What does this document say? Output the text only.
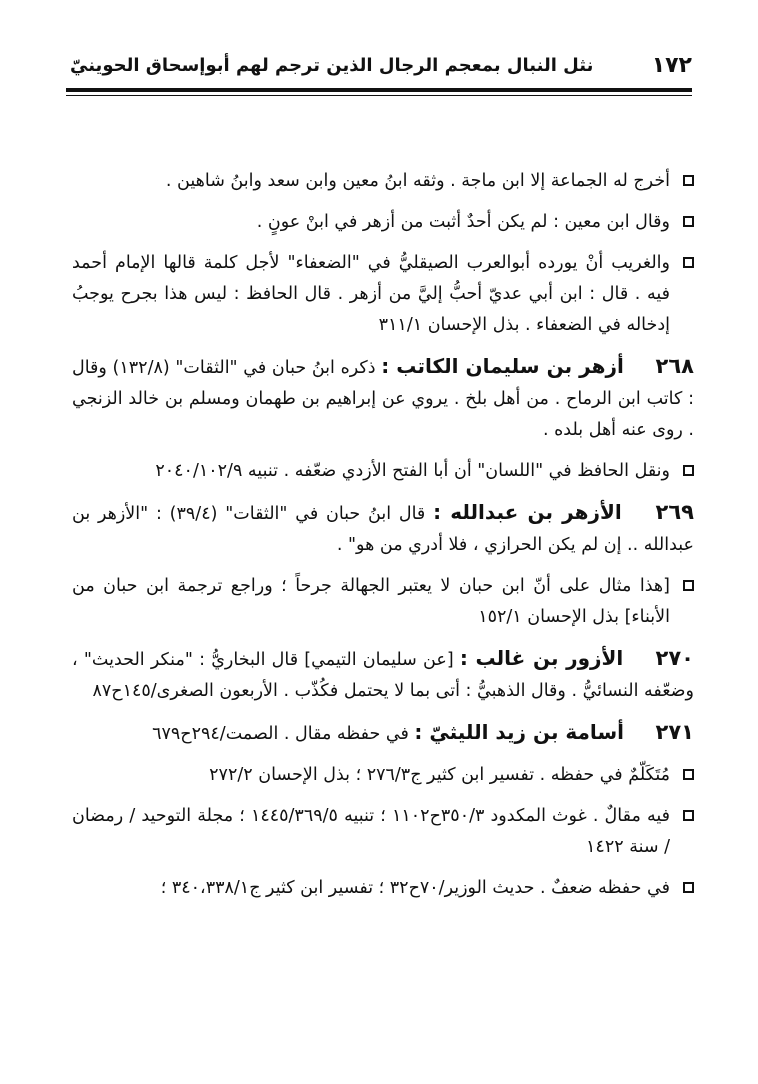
١٧٢
نثل النبال بمعجم الرجال الذين ترجم لهم أبوإسحاق الحوينيّ
أخرج له الجماعة إلا ابن ماجة . وثقه ابنُ معين وابن سعد وابنُ شاهين .
وقال ابن معين : لم يكن أحدٌ أثبت من أزهر في ابنْ عونٍ .
والغريب أنْ يورده أبوالعرب الصيقليُّ في "الضعفاء" لأجل كلمة قالها الإمام أحمد فيه . قال : ابن أبي عديّ أحبُّ إليَّ من أزهر . قال الحافظ : ليس هذا بجرح يوجبُ إدخاله في الضعفاء . بذل الإحسان ٣١١/١
٢٦٨ أزهر بن سليمان الكاتب : ذكره ابنُ حبان في "الثقات" (١٣٢/٨) وقال : كاتب ابن الرماح . من أهل بلخ . يروي عن إبراهيم بن طهمان ومسلم بن خالد الزنجي . روى عنه أهل بلده .
ونقل الحافظ في "اللسان" أن أبا الفتح الأزدي ضعّفه . تنبيه ٢٠٤٠/١٠٢/٩
٢٦٩ الأزهر بن عبدالله : قال ابنُ حبان في "الثقات" (٣٩/٤) : "الأزهر بن عبدالله .. إن لم يكن الحرازي ، فلا أدري من هو" .
[هذا مثال على أنّ ابن حبان لا يعتبر الجهالة جرحاً ؛ وراجع ترجمة ابن حبان من الأبناء] بذل الإحسان ١٥٢/١
٢٧٠ الأزور بن غالب : [عن سليمان التيمي] قال البخاريُّ : "منكر الحديث" ، وضعّفه النسائيُّ . وقال الذهبيُّ : أتى بما لا يحتمل فكُذّب . الأربعون الصغرى/١٤٥ح٨٧
٢٧١ أسامة بن زيد الليثيّ : في حفظه مقال . الصمت/٢٩٤ح٦٧٩
مُتَكَلّمٌ في حفظه . تفسير ابن كثير ج٢٧٦/٣ ؛ بذل الإحسان ٢٧٢/٢
فيه مقالٌ . غوث المكدود ٣٥٠/٣ح١١٠٢ ؛ تنبيه ١٤٤٥/٣٦٩/٥ ؛ مجلة التوحيد / رمضان / سنة ١٤٢٢
في حفظه ضعفٌ . حديث الوزير/٧٠ح٣٢ ؛ تفسير ابن كثير ج٣٤٠،٣٣٨/١ ؛
